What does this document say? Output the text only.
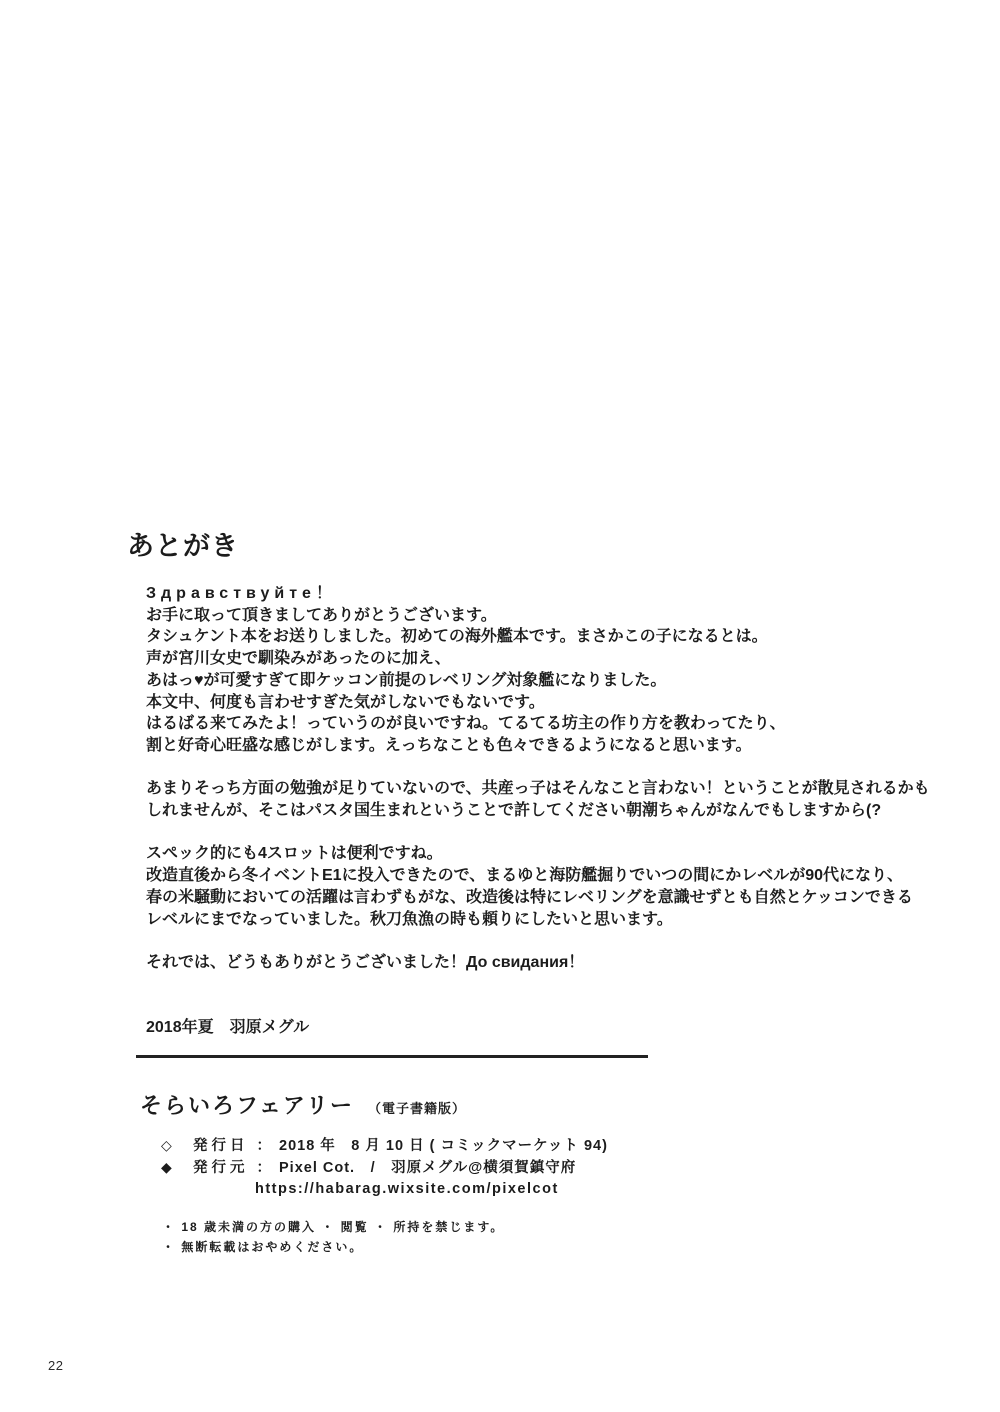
あとがき
Здравствуйте！
お手に取って頂きましてありがとうございます。
タシュケント本をお送りしました。初めての海外艦本です。まさかこの子になるとは。
声が宮川女史で馴染みがあったのに加え、
あはっ♥が可愛すぎて即ケッコン前提のレベリング対象艦になりました。
本文中、何度も言わせすぎた気がしないでもないです。
はるばる来てみたよ！っていうのが良いですね。てるてる坊主の作り方を教わってたり、
割と好奇心旺盛な感じがします。えっちなことも色々できるようになると思います。
あまりそっち方面の勉強が足りていないので、共産っ子はそんなこと言わない！ということが散見されるかも
しれませんが、そこはパスタ国生まれということで許してください朝潮ちゃんがなんでもしますから(?
スペック的にも4スロットは便利ですね。
改造直後から冬イベントE1に投入できたので、まるゆと海防艦掘りでいつの間にかレベルが90代になり、
春の米騒動においての活躍は言わずもがな、改造後は特にレベリングを意識せずとも自然とケッコンできる
レベルにまでなっていました。秋刀魚漁の時も頼りにしたいと思います。
それでは、どうもありがとうございました！До свидания！
2018年夏　羽原メグル
そらいろフェアリー （電子書籍版）
◇ 発行日 ： 2018 年　8 月 10 日 ( コミックマーケット 94)
◆ 発行元 ： Pixel Cot.　/　羽原メグル@横須賀鎮守府
https://habarag.wixsite.com/pixelcot
・ 18 歳未満の方の購入 ・ 閲覧 ・ 所持を禁じます。
・ 無断転載はおやめください。
22
